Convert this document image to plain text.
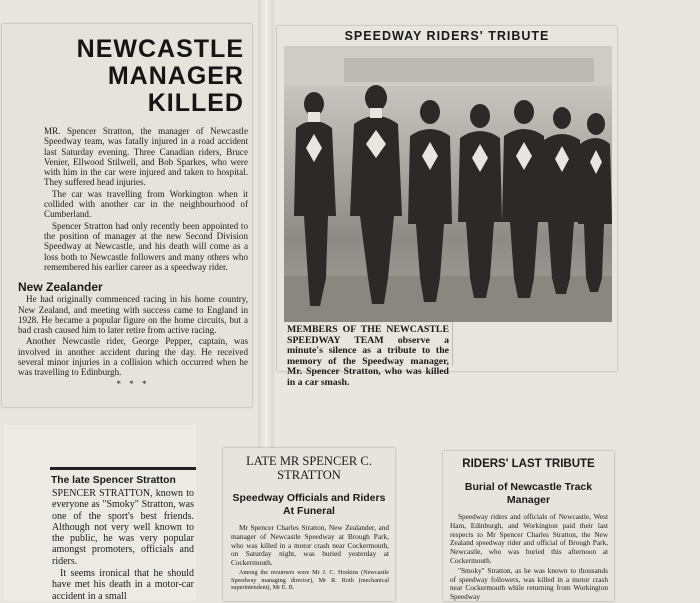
NEWCASTLE
MANAGER
KILLED

MR. Spencer Stratton, the manager of Newcastle Speedway team, was fatally injured in a road accident last Saturday evening. Three Canadian riders, Bruce Venier, Ellwood Stilwell, and Bob Sparkes, who were with him in the car were injured and taken to hospital. They suffered head injuries.

The car was travelling from Workington when it collided with another car in the neighbourhood of Cumberland.

Spencer Stratton had only recently been appointed to the position of manager at the new Second Division Speedway at Newcastle, and his death will come as a loss both to Newcastle followers and many others who remembered his earlier career as a speedway rider.

New Zealander

He had originally commenced racing in his home country, New Zealand, and meeting with success came to England in 1928. He became a popular figure on the home circuits, but a bad crash caused him to later retire from active racing.

Another Newcastle rider, George Pepper, captain, was involved in another accident during the day. He received several minor injuries in a collision which occurred when he was travelling to Edinburgh.

* * *
SPEEDWAY RIDERS' TRIBUTE
MEMBERS OF THE NEWCASTLE SPEEDWAY TEAM observe a minute's silence as a tribute to the memory of the Speedway manager, Mr. Spencer Stratton, who was killed in a car smash.
The late Spencer Stratton

SPENCER STRATTON, known to everyone as "Smoky" Stratton, was one of the sport's best friends. Although not very well known to the public, he was very popular amongst promoters, officials and riders.

It seems ironical that he should have met his death in a motor-car accident in a small

LATE MR SPENCER C. STRATTON
Speedway Officials and Riders At Funeral

Mr Spencer Charles Stratton, New Zealander, and manager of Newcastle Speedway at Brough Park, who was killed in a motor crash near Cockermouth, on Saturday night, was buried yesterday at Cockermouth.

Among the mourners were Mr J. C. Hoskins (Newcastle Speedway managing director), Mr R. Roth (mechanical superintendent), Mr E. B.

RIDERS' LAST TRIBUTE
Burial of Newcastle Track Manager

Speedway riders and officials of Newcastle, West Ham, Edinburgh, and Workington paid their last respects to Mr Spencer Charles Stratton, the New Zealand speedway rider and official of Brough Park, Newcastle, who was buried this afternoon at Cockermouth.

"Smoky" Stratton, as he was known to thousands of speedway followers, was killed in a motor crash near Cockermouth while returning from Workington Speedway
